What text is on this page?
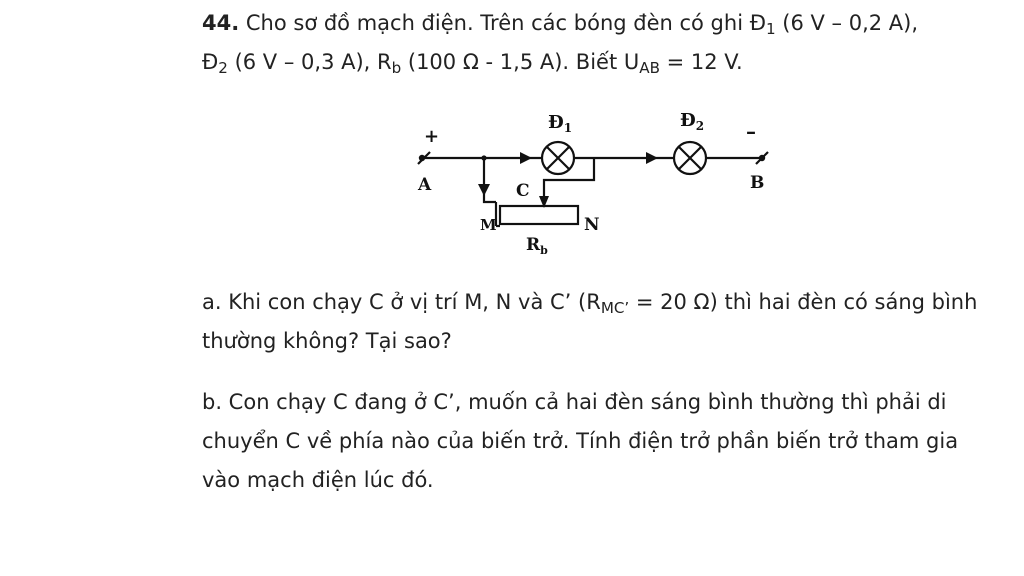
44. Cho sơ đồ mạch điện. Trên các bóng đèn có ghi $Đ_1$ (6 V – 0,2 A),
$Đ_2$ (6 V – 0,3 A), $R_b$ (100 Ω - 1,5 A). Biết $U_{AB} = 12$ V.

+	–
A	B
$Đ_1$	$Đ_2$
C
M	N
$R_b$

a. Khi con chạy C ở vị trí M, N và C’ ($R_{MC’} = 20$ Ω) thì hai đèn có sáng bình thường không? Tại sao?

b. Con chạy C đang ở C’, muốn cả hai đèn sáng bình thường thì phải di chuyển C về phía nào của biến trở. Tính điện trở phần biến trở tham gia vào mạch điện lúc đó.
